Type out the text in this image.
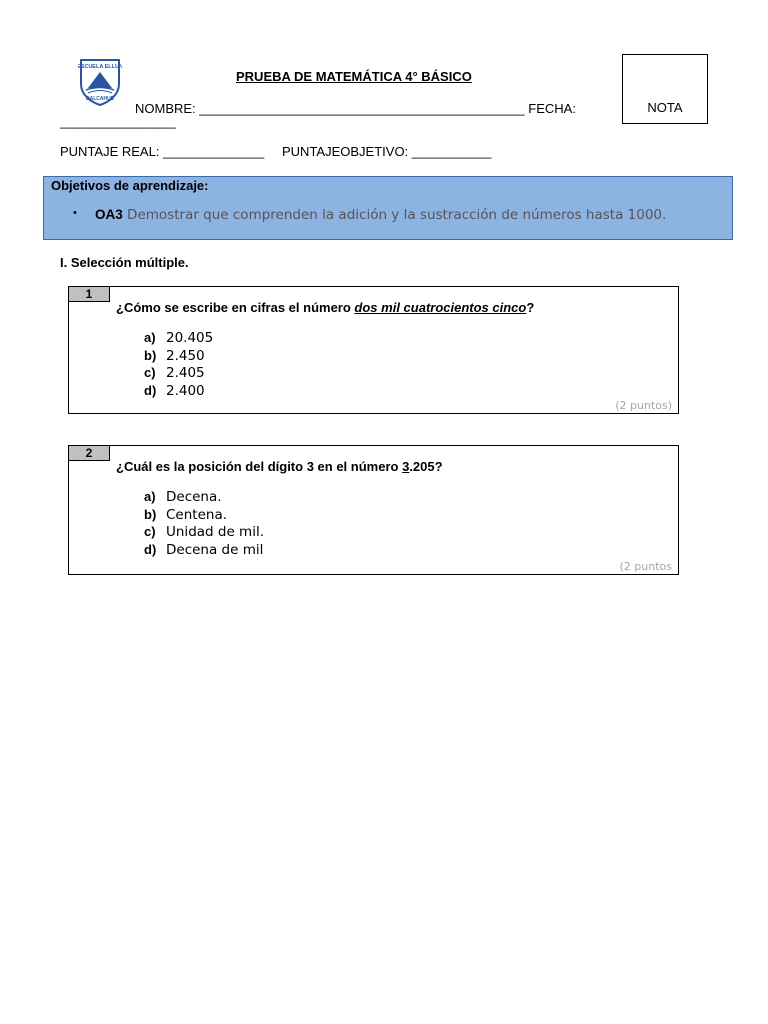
ESCUELA ELLUN
DALCAHUE
PRUEBA DE MATEMÁTICA 4° BÁSICO
NOTA
NOMBRE: _____________________________________________ FECHA:
________________
PUNTAJE REAL: ______________ PUNTAJEOBJETIVO: ___________
Objetivos de aprendizaje:
• OA3 Demostrar que comprenden la adición y la sustracción de números hasta 1000.
I. Selección múltiple.
1
¿Cómo se escribe en cifras el número dos mil cuatrocientos cinco?
a) 20.405
b) 2.450
c) 2.405
d) 2.400
(2 puntos)
2
¿Cuál es la posición del dígito 3 en el número 3.205?
a) Decena.
b) Centena.
c) Unidad de mil.
d) Decena de mil
(2 puntos
